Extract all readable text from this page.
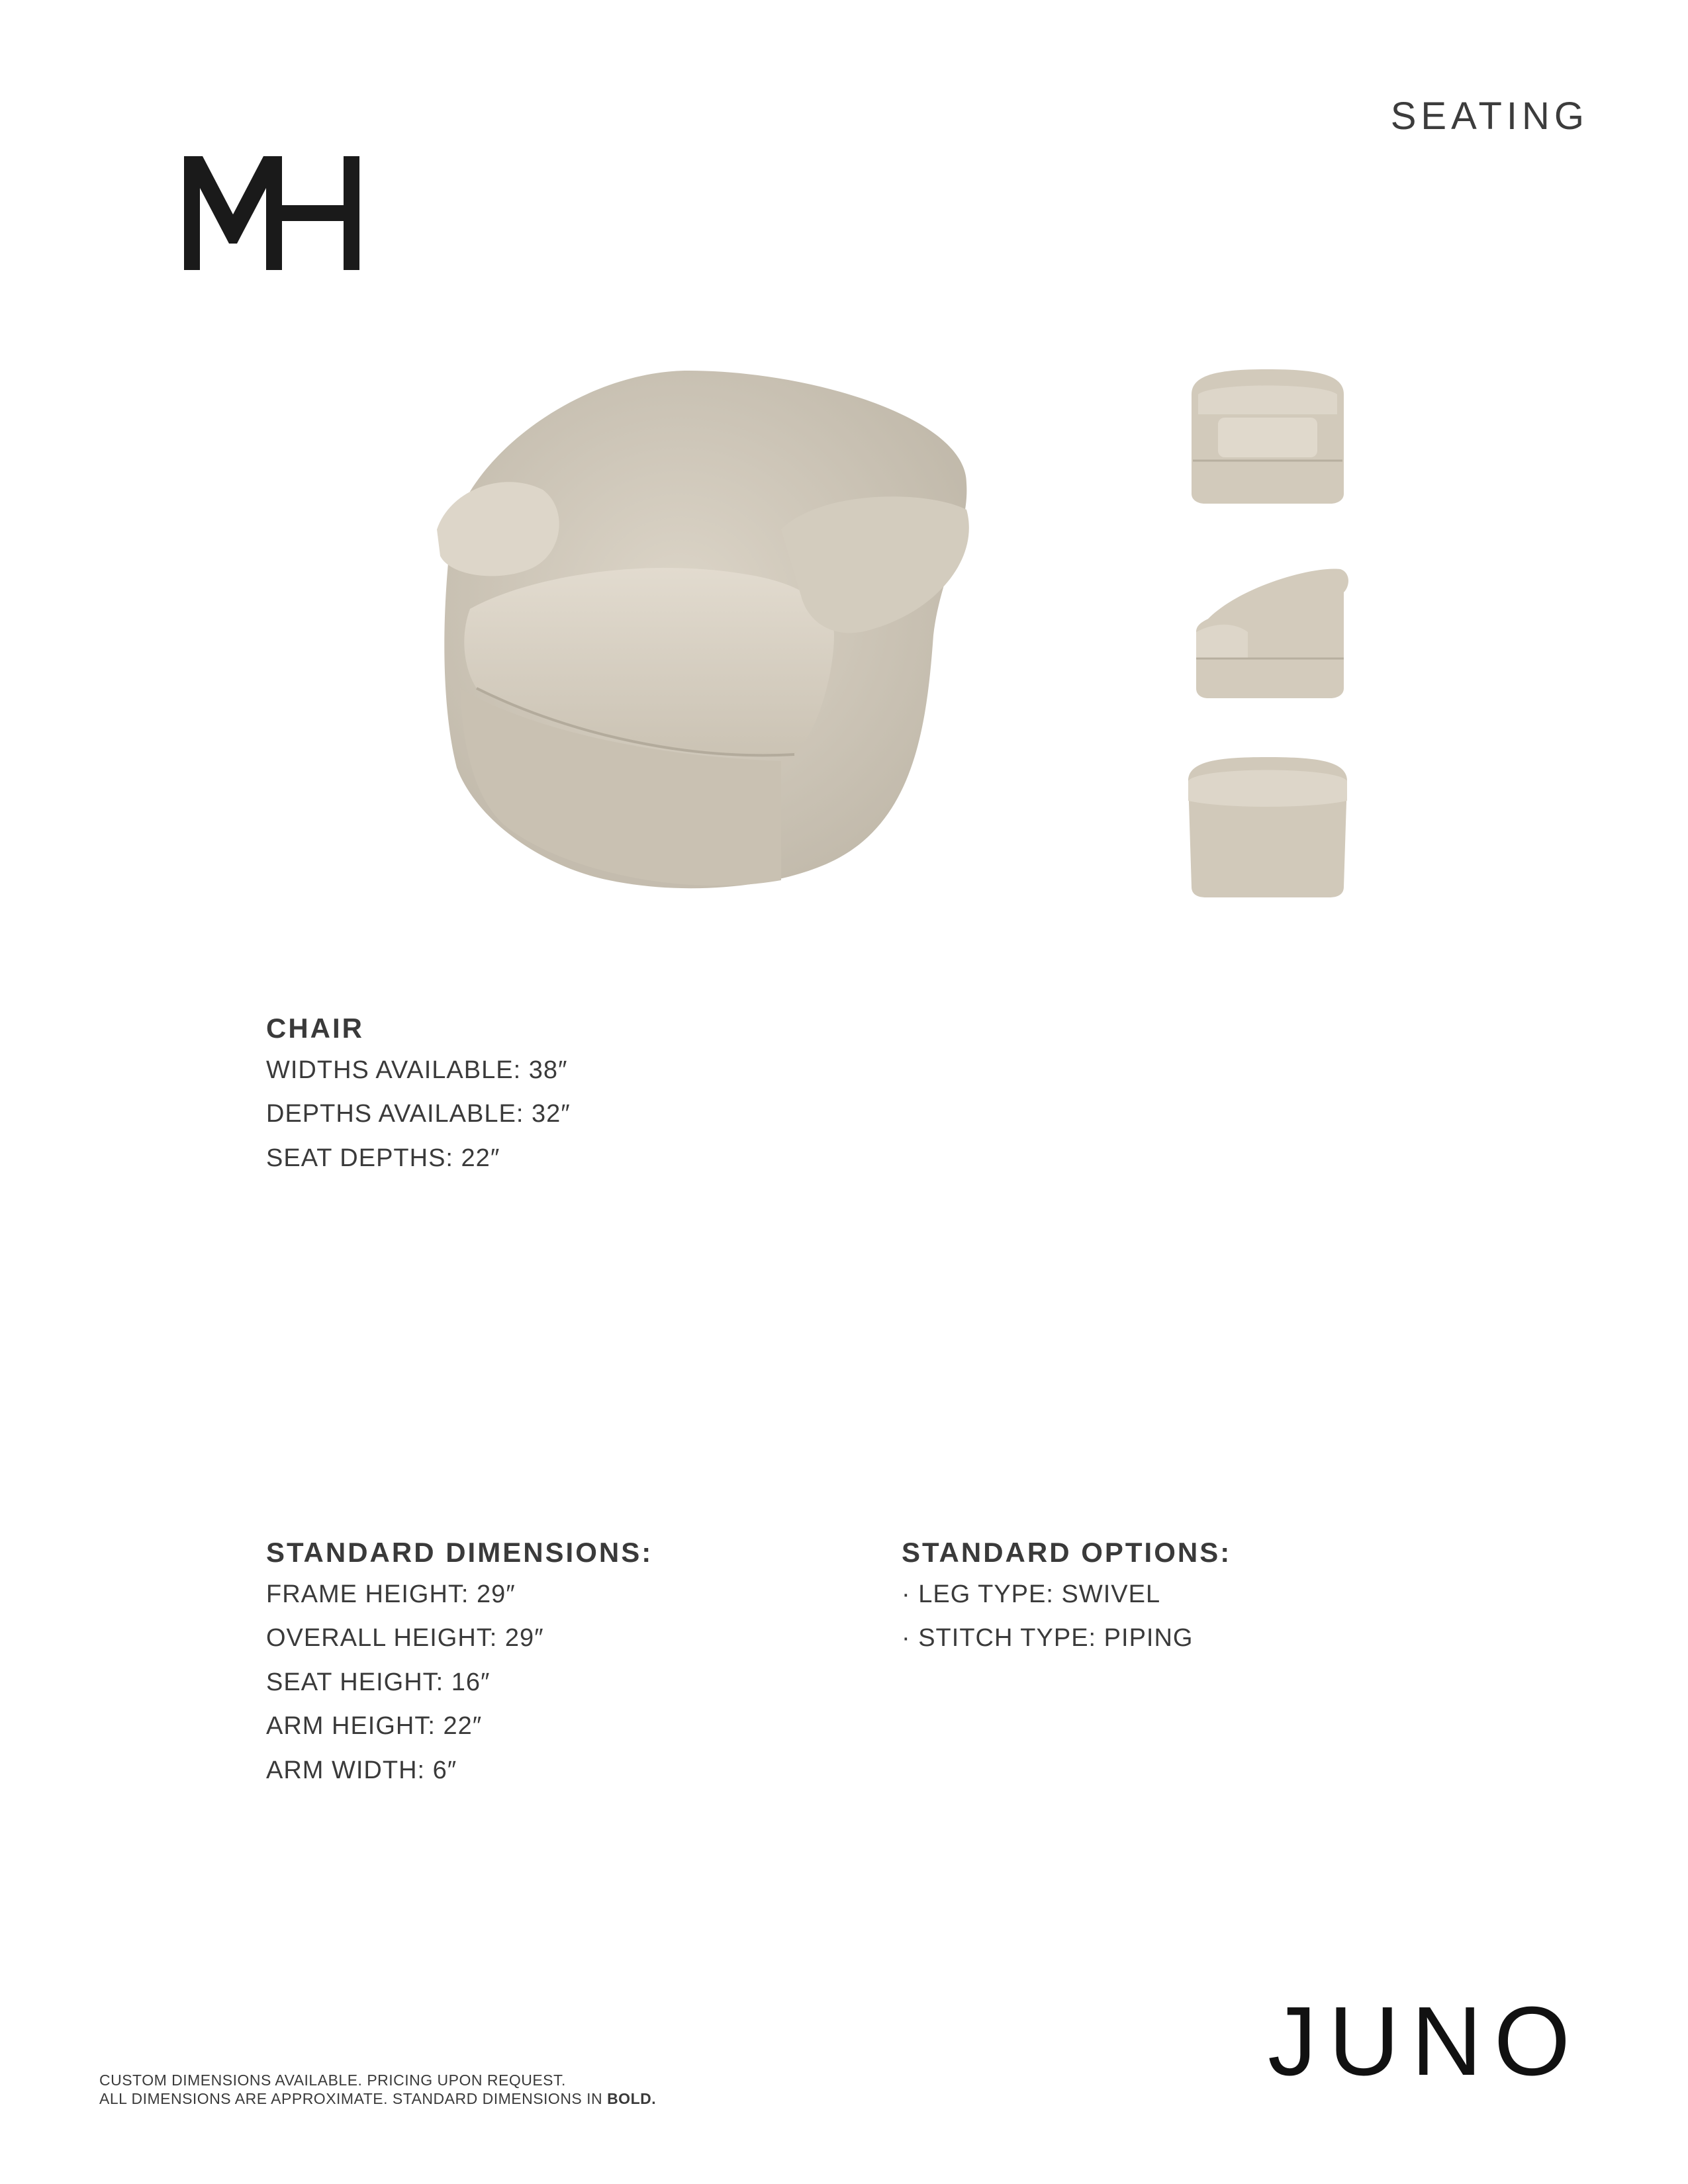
SEATING
CHAIR
WIDTHS AVAILABLE: 38″
DEPTHS AVAILABLE: 32″
SEAT DEPTHS: 22″
STANDARD DIMENSIONS:
FRAME HEIGHT: 29″
OVERALL HEIGHT: 29″
SEAT HEIGHT: 16″
ARM HEIGHT: 22″
ARM WIDTH: 6″
STANDARD OPTIONS:
· LEG TYPE: SWIVEL
· STITCH TYPE: PIPING
JUNO
CUSTOM DIMENSIONS AVAILABLE. PRICING UPON REQUEST.
ALL DIMENSIONS ARE APPROXIMATE. STANDARD DIMENSIONS IN BOLD.
